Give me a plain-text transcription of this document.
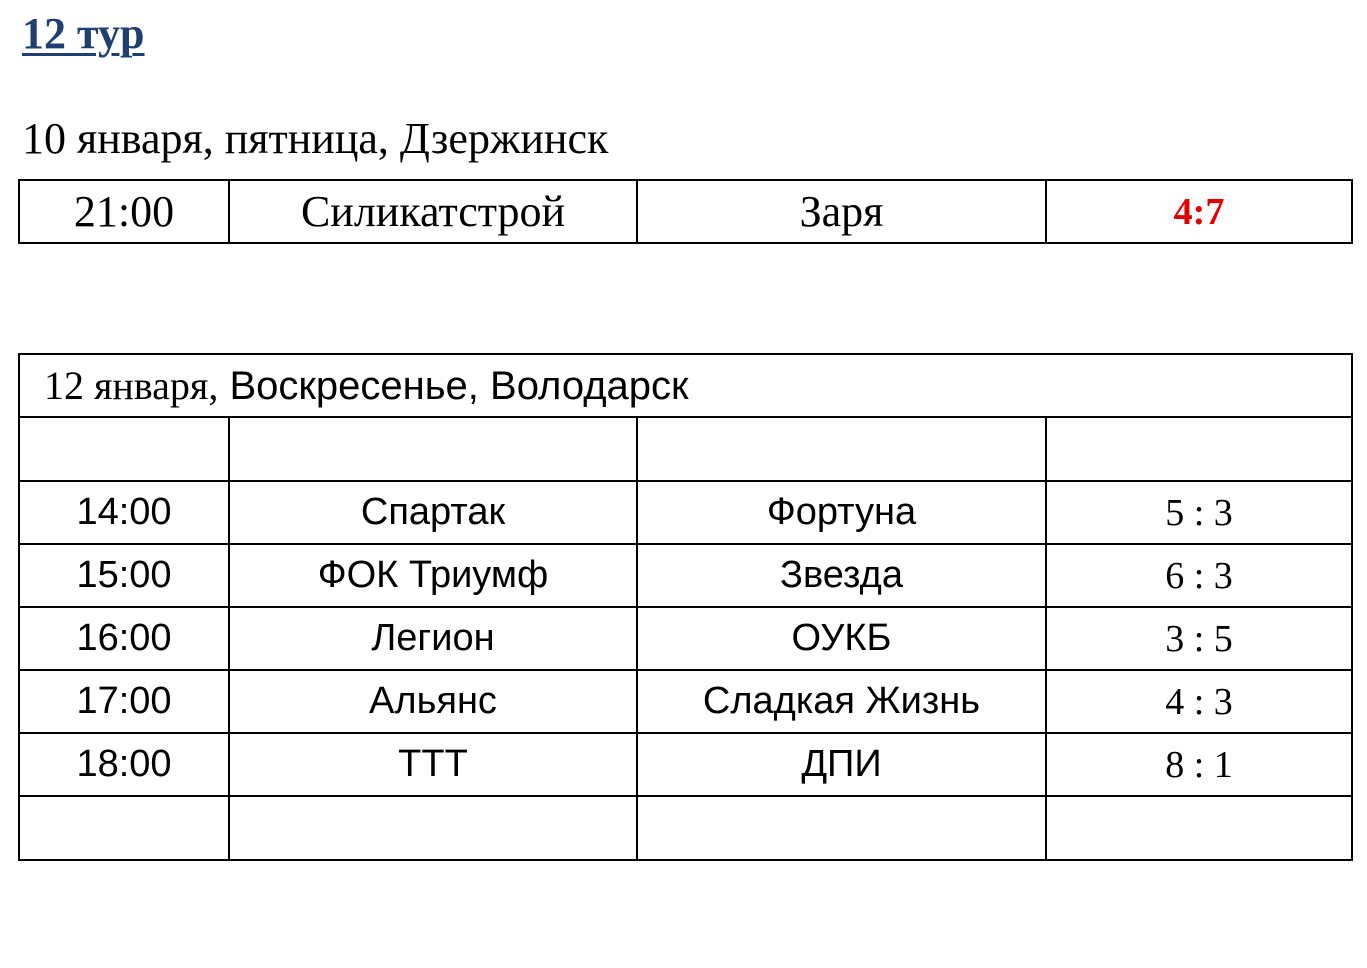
12 тур
10 января, пятница, Дзержинск
21:00	Силикатстрой	Заря	4:7
12 января, Воскресенье, Володарск			

14:00	Спартак	Фортуна	5 : 3
15:00	ФОК Триумф	Звезда	6 : 3
16:00	Легион	ОУКБ	3 : 5
17:00	Альянс	Сладкая Жизнь	4 : 3
18:00	ТТТ	ДПИ	8 : 1
